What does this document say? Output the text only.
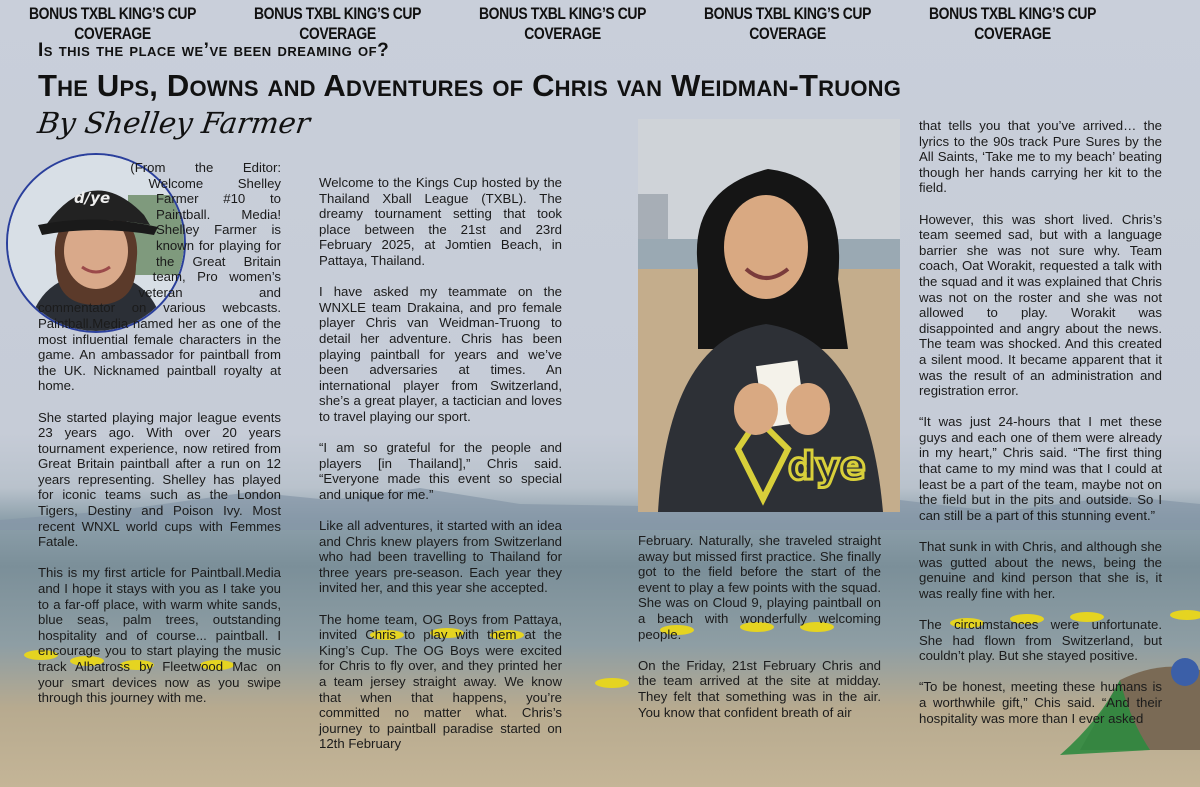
BONUS TXBL KING’S CUP COVERAGE
BONUS TXBL KING’S CUP COVERAGE
BONUS TXBL KING’S CUP COVERAGE
BONUS TXBL KING’S CUP COVERAGE
BONUS TXBL KING’S CUP COVERAGE
Is this the place we’ve been dreaming of?
The Ups, Downs and Adventures of Chris van Weidman-Truong
By Shelley Farmer
d/ye
dye

(From the Editor: Welcome Shelley Farmer #10 to Paintball. Media! Shelley Farmer is known for playing for the Great Britain team, Pro women’s veteran and commentator on various webcasts. Paintball.Media named her as one of the most influential female characters in the game. An ambassador for paintball from the UK. Nicknamed paintball royalty at home.

She started playing major league events 23 years ago. With over 20 years tournament experience, now retired from Great Britain paintball after a run on 12 years representing. Shelley has played for iconic teams such as the London Tigers, Destiny and Poison Ivy. Most recent WNXL world cups with Femmes Fatale.

This is my first article for Paintball.Media and I hope it stays with you as I take you to a far-off place, with warm white sands, blue seas, palm trees, outstanding hospitality and of course... paintball. I encourage you to start playing the music track Albatross by Fleetwood Mac on your smart devices now as you swipe through this journey with me.

Welcome to the Kings Cup hosted by the Thailand Xball League (TXBL). The dreamy tournament setting that took place between the 21st and 23rd February 2025, at Jomtien Beach, in Pattaya, Thailand.

I have asked my teammate on the WNXLE team Drakaina, and pro female player Chris van Weidman-Truong to detail her adventure. Chris has been playing paintball for years and we’ve been adversaries at times. An international player from Switzerland, she’s a great player, a tactician and loves to travel playing our sport.

“I am so grateful for the people and players [in Thailand],” Chris said. “Everyone made this event so special and unique for me.”

Like all adventures, it started with an idea and Chris knew players from Switzerland who had been travelling to Thailand for three years pre-season. Each year they invited her, and this year she accepted.

The home team, OG Boys from Pattaya, invited Chris to play with them at the King’s Cup. The OG Boys were excited for Chris to fly over, and they printed her a team jersey straight away. We know that when that happens, you’re committed no matter what. Chris’s journey to paintball paradise started on 12th February

February. Naturally, she traveled straight away but missed first practice. She finally got to the field before the start of the event to play a few points with the squad. She was on Cloud 9, playing paintball on a beach with wonderfully welcoming people.

On the Friday, 21st February Chris and the team arrived at the site at midday. They felt that something was in the air. You know that confident breath of air

that tells you that you’ve arrived… the lyrics to the 90s track Pure Sures by the All Saints, ‘Take me to my beach’ beating though her hands carrying her kit to the field.

However, this was short lived. Chris’s team seemed sad, but with a language barrier she was not sure why. Team coach, Oat Worakit, requested a talk with the squad and it was explained that Chris was not on the roster and she was not allowed to play. Worakit was disappointed and angry about the news. The team was shocked. And this created a silent mood. It became apparent that it was the result of an administration and registration error.

“It was just 24-hours that I met these guys and each one of them were already in my heart,” Chris said. “The first thing that came to my mind was that I could at least be a part of the team, maybe not on the field but in the pits and outside. So I can still be a part of this stunning event.”

That sunk in with Chris, and although she was gutted about the news, being the genuine and kind person that she is, it was really fine with her.

The circumstances were unfortunate. She had flown from Switzerland, but couldn’t play. But she stayed positive.

“To be honest, meeting these humans is a worthwhile gift,” Chis said. “And their hospitality was more than I ever asked
